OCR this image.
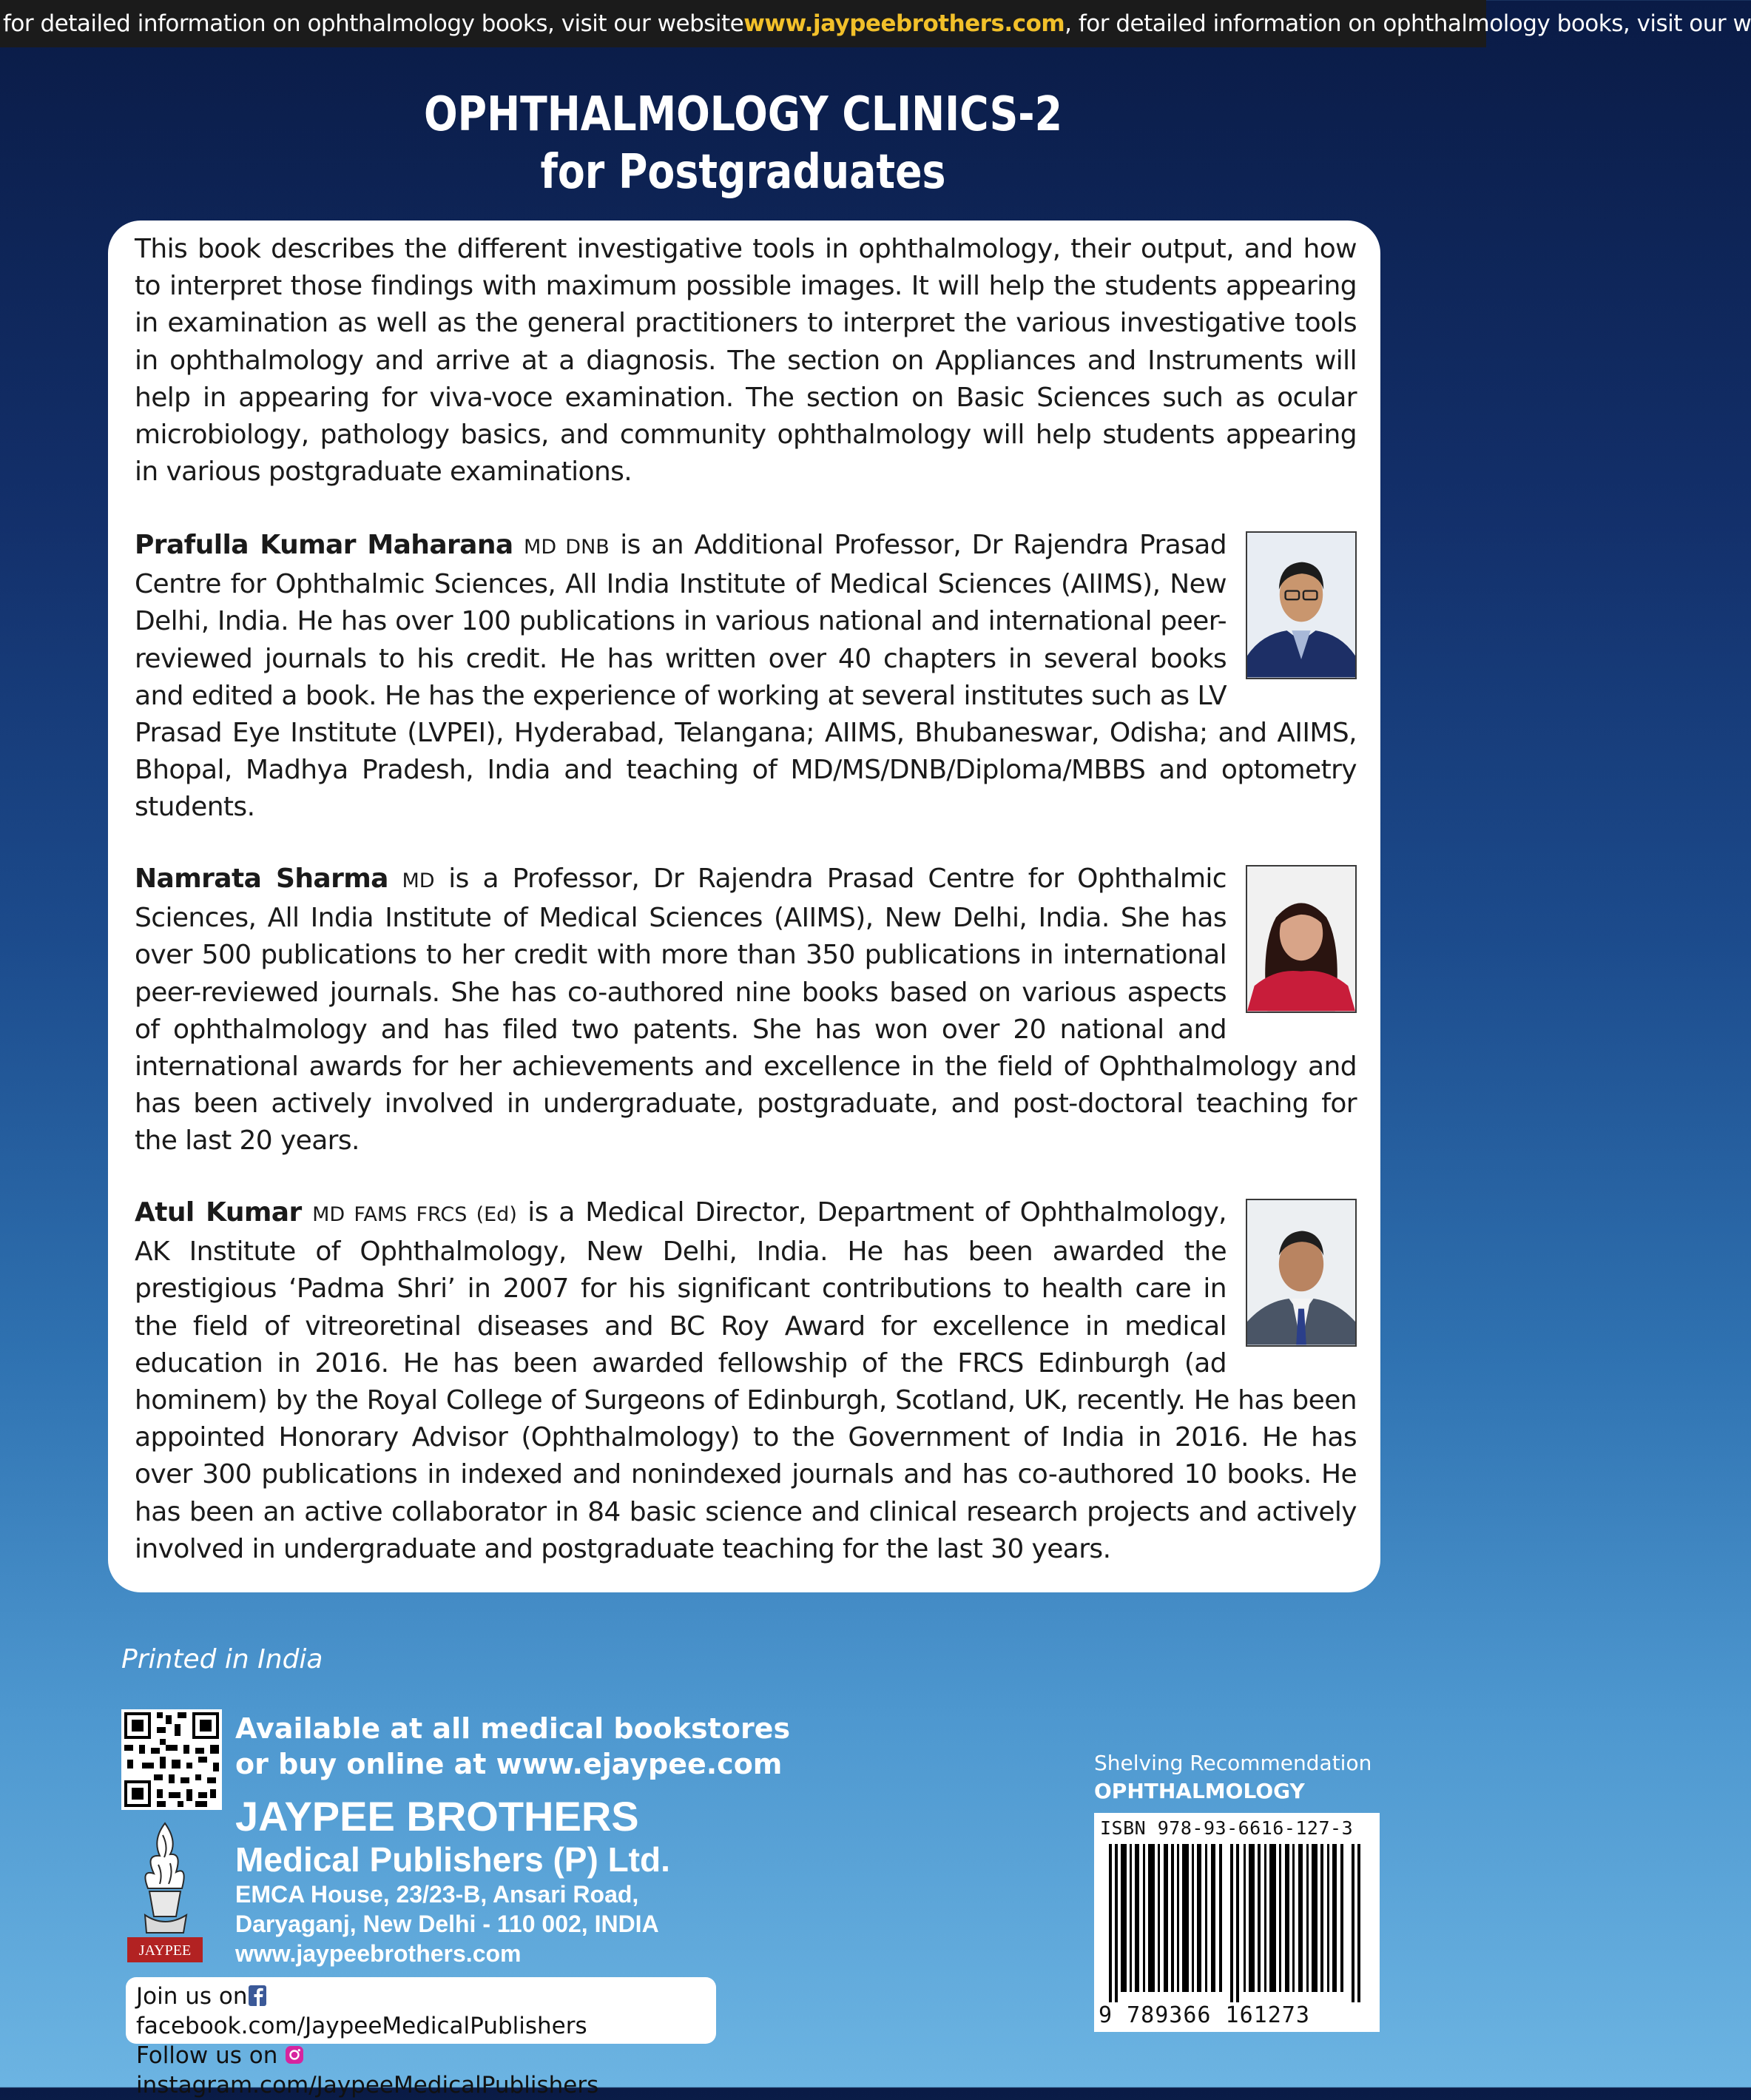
for detailed information on ophthalmology books, visit our websitewww.jaypeebrothers.com, for detailed information on ophthalmology books, visit our w
OPHTHALMOLOGY CLINICS-2
for Postgraduates
This book describes the different investigative tools in ophthalmology, their output, and how to interpret those findings with maximum possible images. It will help the students appearing in examination as well as the general practitioners to interpret the various investigative tools in ophthalmology and arrive at a diagnosis. The section on Appliances and Instruments will help in appearing for viva-voce examination. The section on Basic Sciences such as ocular microbiology, pathology basics, and community ophthalmology will help students appearing in various postgraduate examinations.
Prafulla Kumar Maharana MD DNB is an Additional Professor, Dr Rajendra Prasad Centre for Ophthalmic Sciences, All India Institute of Medical Sciences (AIIMS), New Delhi, India. He has over 100 publications in various national and international peer-reviewed journals to his credit. He has written over 40 chapters in several books and edited a book. He has the experience of working at several institutes such as LV Prasad Eye Institute (LVPEI), Hyderabad, Telangana; AIIMS, Bhubaneswar, Odisha; and AIIMS, Bhopal, Madhya Pradesh, India and teaching of MD/MS/DNB/Diploma/MBBS and optometry students.
Namrata Sharma MD is a Professor, Dr Rajendra Prasad Centre for Ophthalmic Sciences, All India Institute of Medical Sciences (AIIMS), New Delhi, India. She has over 500 publications to her credit with more than 350 publications in international peer-reviewed journals. She has co-authored nine books based on various aspects of ophthalmology and has filed two patents. She has won over 20 national and international awards for her achievements and excellence in the field of Ophthalmology and has been actively involved in undergraduate, postgraduate, and post-doctoral teaching for the last 20 years.
Atul Kumar MD FAMS FRCS (Ed) is a Medical Director, Department of Ophthalmology, AK Institute of Ophthalmology, New Delhi, India. He has been awarded the prestigious ‘Padma Shri’ in 2007 for his significant contributions to health care in the field of vitreoretinal diseases and BC Roy Award for excellence in medical education in 2016. He has been awarded fellowship of the FRCS Edinburgh (ad hominem) by the Royal College of Surgeons of Edinburgh, Scotland, UK, recently. He has been appointed Honorary Advisor (Ophthalmology) to the Government of India in 2016. He has over 300 publications in indexed and nonindexed journals and has co-authored 10 books. He has been an active collaborator in 84 basic science and clinical research projects and actively involved in undergraduate and postgraduate teaching for the last 30 years.
Printed in India
Available at all medical bookstores
or buy online at www.ejaypee.com
JAYPEE
JAYPEE BROTHERS
Medical Publishers (P) Ltd.
EMCA House, 23/23-B, Ansari Road,
Daryaganj, New Delhi - 110 002, INDIA
www.jaypeebrothers.com
Join us onfacebook.com/JaypeeMedicalPublishers
Follow us on instagram.com/JaypeeMedicalPublishers
Shelving Recommendation
OPHTHALMOLOGY
ISBN 978-93-6616-127-3
9 789366 161273
